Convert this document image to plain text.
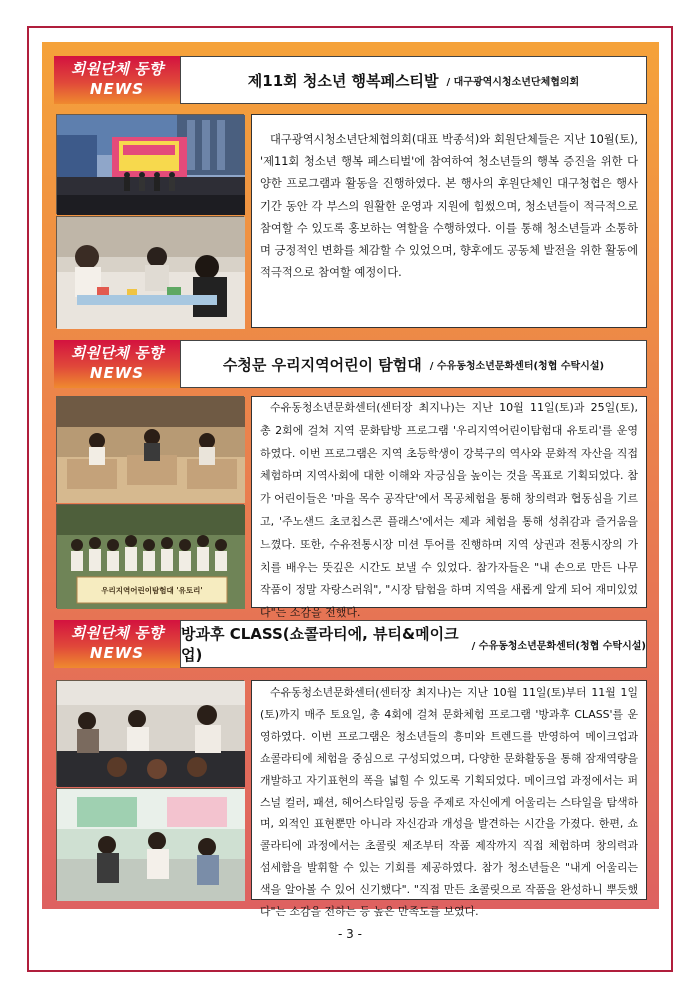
회원단체 동향
NEWS	제11회 청소년 행복페스티발 / 대구광역시청소년단체협의회
대구광역시청소년단체협의회(대표 박종석)와 회원단체들은 지난 10월(토), '제11회 청소년 행복 페스티벌'에 참여하여 청소년들의 행복 증진을 위한 다양한 프로그램과 활동을 진행하였다. 본 행사의 후원단체인 대구청협은 행사 기간 동안 각 부스의 원활한 운영과 지원에 힘썼으며, 청소년들이 적극적으로 참여할 수 있도록 홍보하는 역할을 수행하였다. 이를 통해 청소년들과 소통하며 긍정적인 변화를 체감할 수 있었으며, 향후에도 공동체 발전을 위한 활동에 적극적으로 참여할 예정이다.
회원단체 동향
NEWS	수청문 우리지역어린이 탐험대 / 수유동청소년문화센터(청협 수탁시설)
우리지역어린이탐험대 '유토리'
수유동청소년문화센터(센터장 최지나)는 지난 10월 11일(토)과 25일(토), 총 2회에 걸쳐 지역 문화탐방 프로그램 '우리지역어린이탐험대 유토리'를 운영하였다. 이번 프로그램은 지역 초등학생이 강북구의 역사와 문화적 자산을 직접 체험하며 지역사회에 대한 이해와 자긍심을 높이는 것을 목표로 기획되었다. 참가 어린이들은 '마을 목수 공작단'에서 목공체험을 통해 창의력과 협동심을 기르고, '주노샌드 초코칩스콘 플래스'에서는 제과 체험을 통해 성취감과 즐거움을 느꼈다. 또한, 수유전통시장 미션 투어를 진행하며 지역 상권과 전통시장의 가치를 배우는 뜻깊은 시간도 보낼 수 있었다. 참가자들은 "내 손으로 만든 나무 작품이 정말 자랑스러워", "시장 탐험을 하며 지역을 새롭게 알게 되어 재미있었다"는 소감을 전했다.
회원단체 동향
NEWS
방과후 CLASS(쇼콜라티에, 뷰티&메이크업)	/ 수유동청소년문화센터(청협 수탁시설)
수유동청소년문화센터(센터장 최지나)는 지난 10월 11일(토)부터 11월 1일(토)까지 매주 토요일, 총 4회에 걸쳐 문화체험 프로그램 '방과후 CLASS'를 운영하였다. 이번 프로그램은 청소년들의 흥미와 트렌드를 반영하여 메이크업과 쇼콜라티에 체험을 중심으로 구성되었으며, 다양한 문화활동을 통해 잠재역량을 개발하고 자기표현의 폭을 넓힐 수 있도록 기획되었다. 메이크업 과정에서는 퍼스널 컬러, 패션, 헤어스타일링 등을 주제로 자신에게 어울리는 스타일을 탐색하며, 외적인 표현뿐만 아니라 자신감과 개성을 발견하는 시간을 가졌다. 한편, 쇼콜라티에 과정에서는 초콜릿 제조부터 작품 제작까지 직접 체험하며 창의력과 섬세함을 발휘할 수 있는 기회를 제공하였다. 참가 청소년들은 "내게 어울리는 색을 알아볼 수 있어 신기했다". "직접 만든 초콜릿으로 작품을 완성하니 뿌듯했다"는 소감을 전하는 등 높은 만족도를 보였다.
- 3 -
